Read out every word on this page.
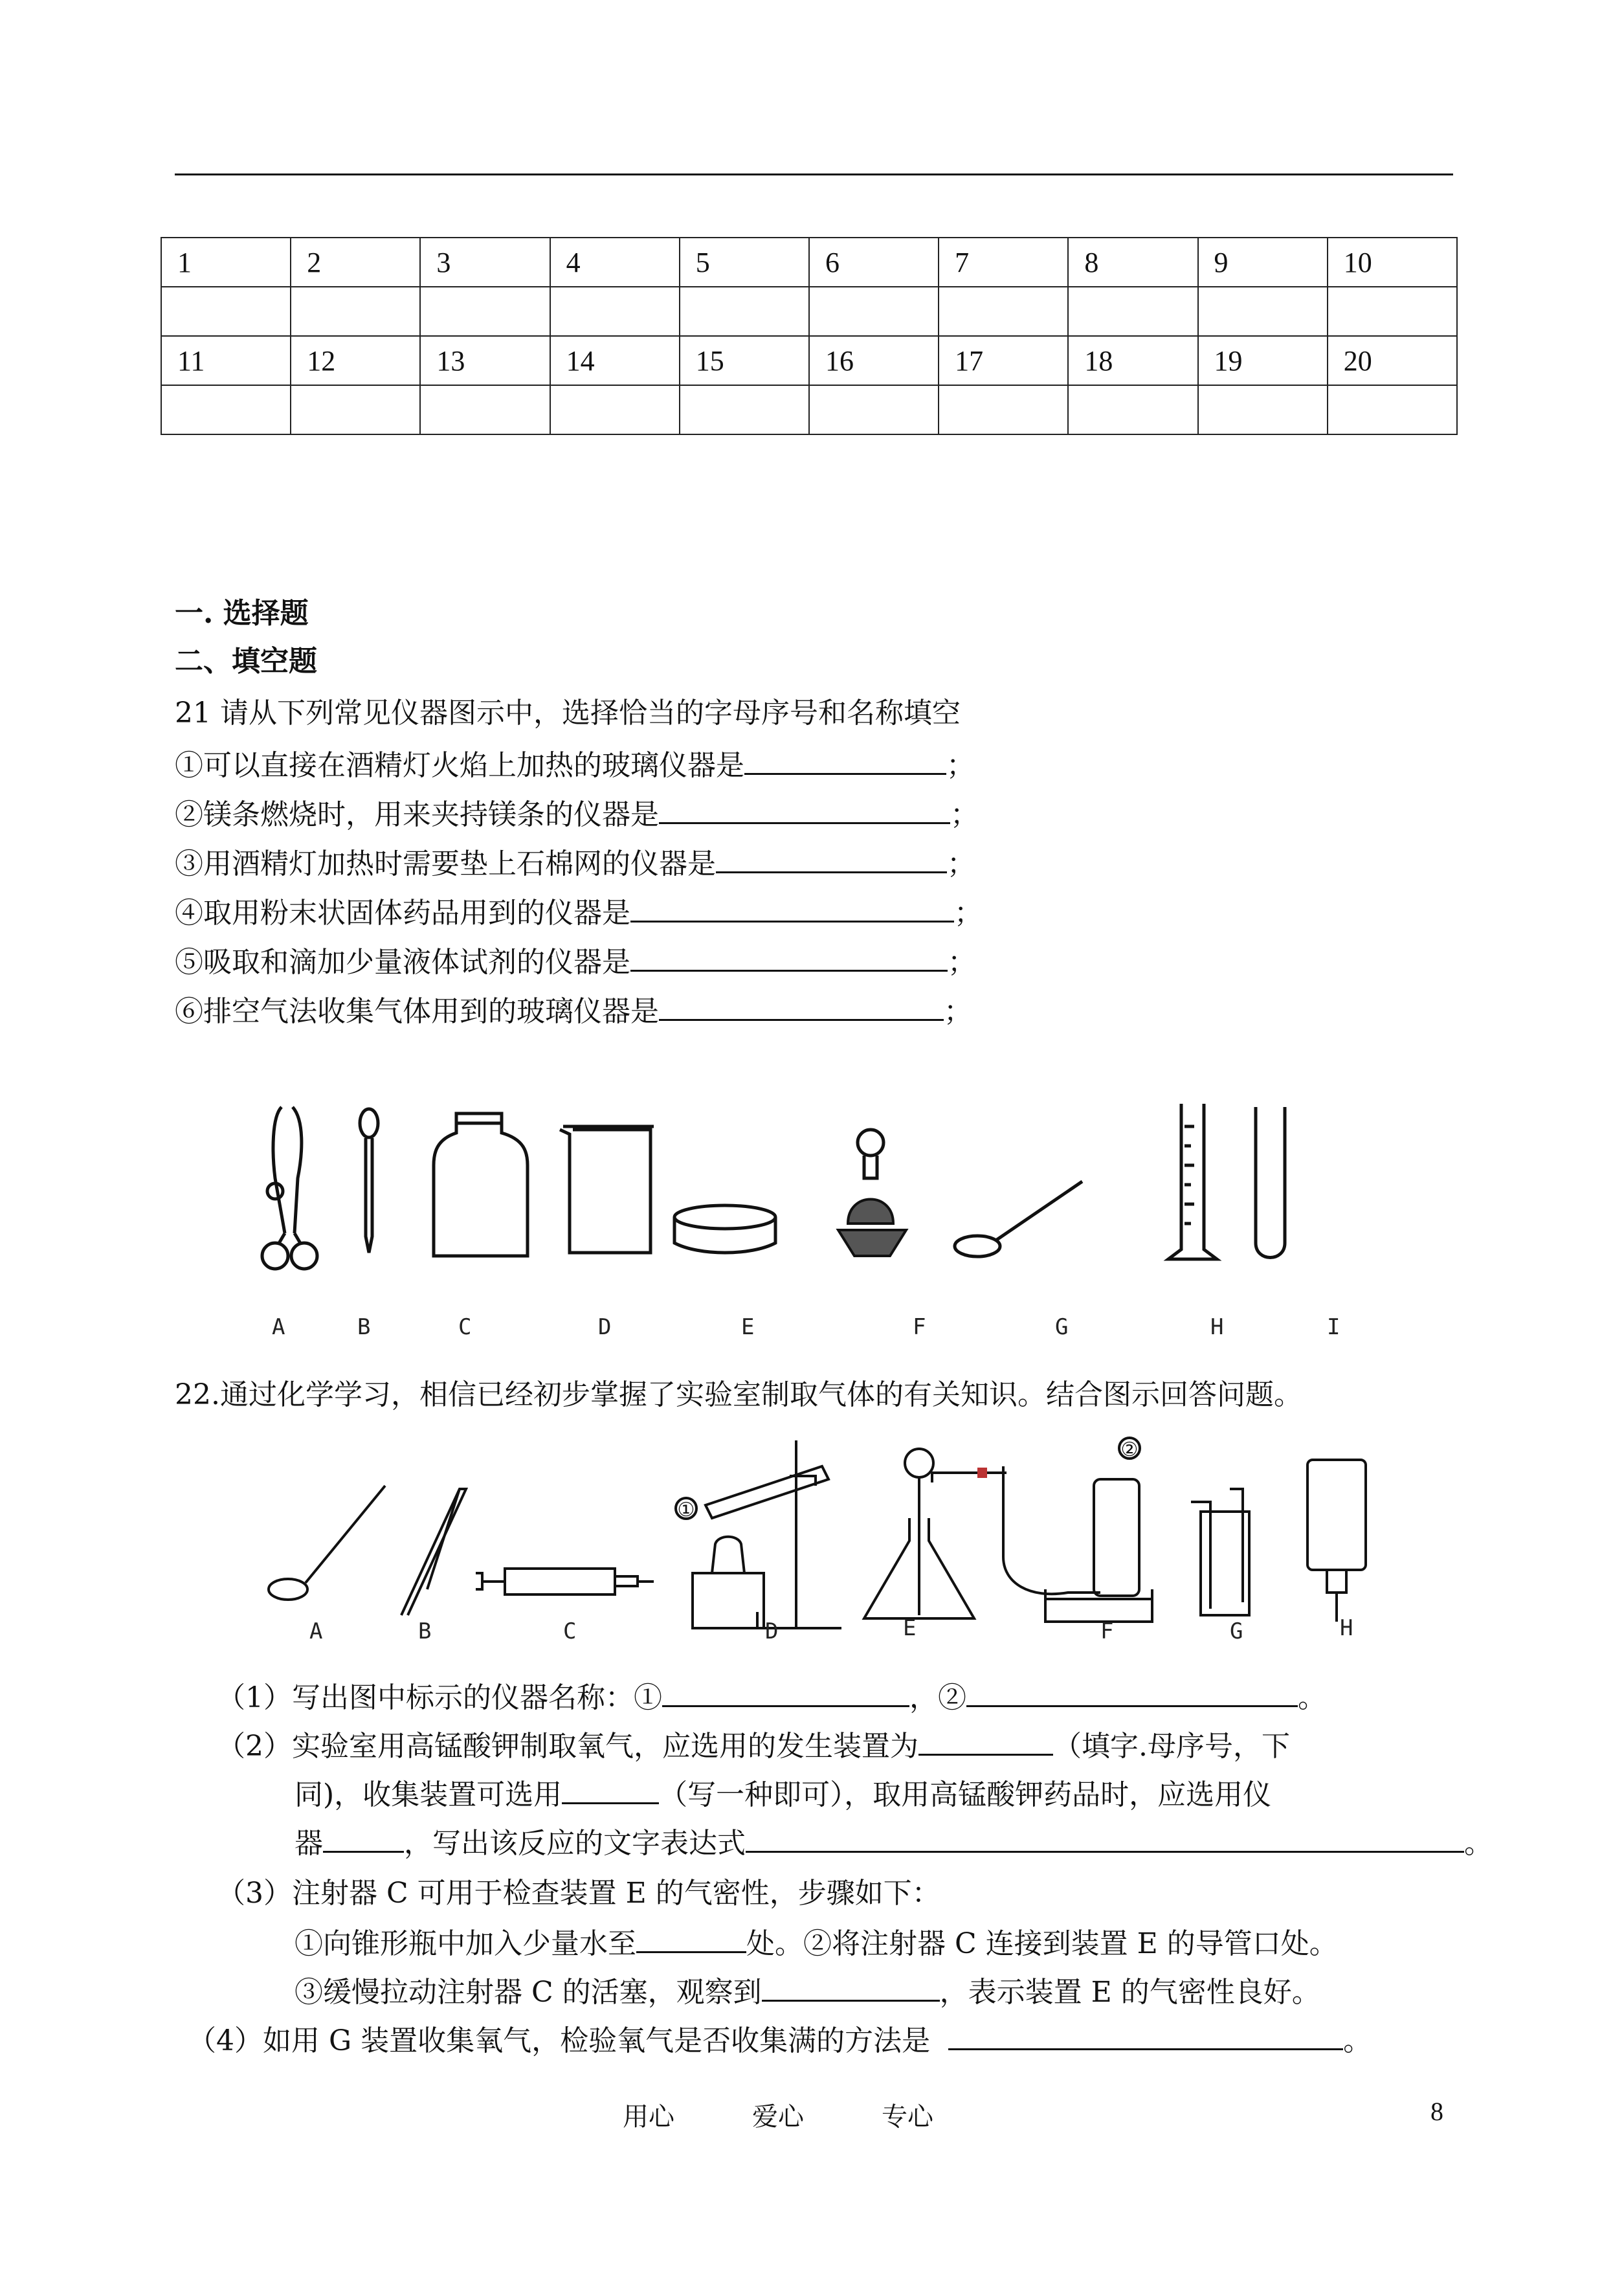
1	2	3	4	5	6	7	8	9	10

11	12	13	14	15	16	17	18	19	20

一. 选择题
二、填空题
21 请从下列常见仪器图示中，选择恰当的字母序号和名称填空
①可以直接在酒精灯火焰上加热的玻璃仪器是	；
②镁条燃烧时，用来夹持镁条的仪器是	；
③用酒精灯加热时需要垫上石棉网的仪器是	；
④取用粉末状固体药品用到的仪器是	；
⑤吸取和滴加少量液体试剂的仪器是	；
⑥排空气法收集气体用到的玻璃仪器是	；
A	B	C	D	E	F	G	H	I
22.通过化学学习，相信已经初步掌握了实验室制取气体的有关知识。结合图示回答问题。
①
②
A	B	C	D	E	F	G	H
（1）写出图中标示的仪器名称：①	，②	。
（2）实验室用高锰酸钾制取氧气，应选用的发生装置为	（填字.母序号，下
同)，收集装置可选用	（写一种即可），取用高锰酸钾药品时，应选用仪
器	，写出该反应的文字表达式	。
（3）注射器 C 可用于检查装置 E 的气密性，步骤如下：
①向锥形瓶中加入少量水至	处。②将注射器 C 连接到装置 E 的导管口处。
③缓慢拉动注射器 C 的活塞，观察到	，表示装置 E 的气密性良好。
（4）如用 G 装置收集氧气，检验氧气是否收集满的方法是	。
用心	爱心	专心	8
